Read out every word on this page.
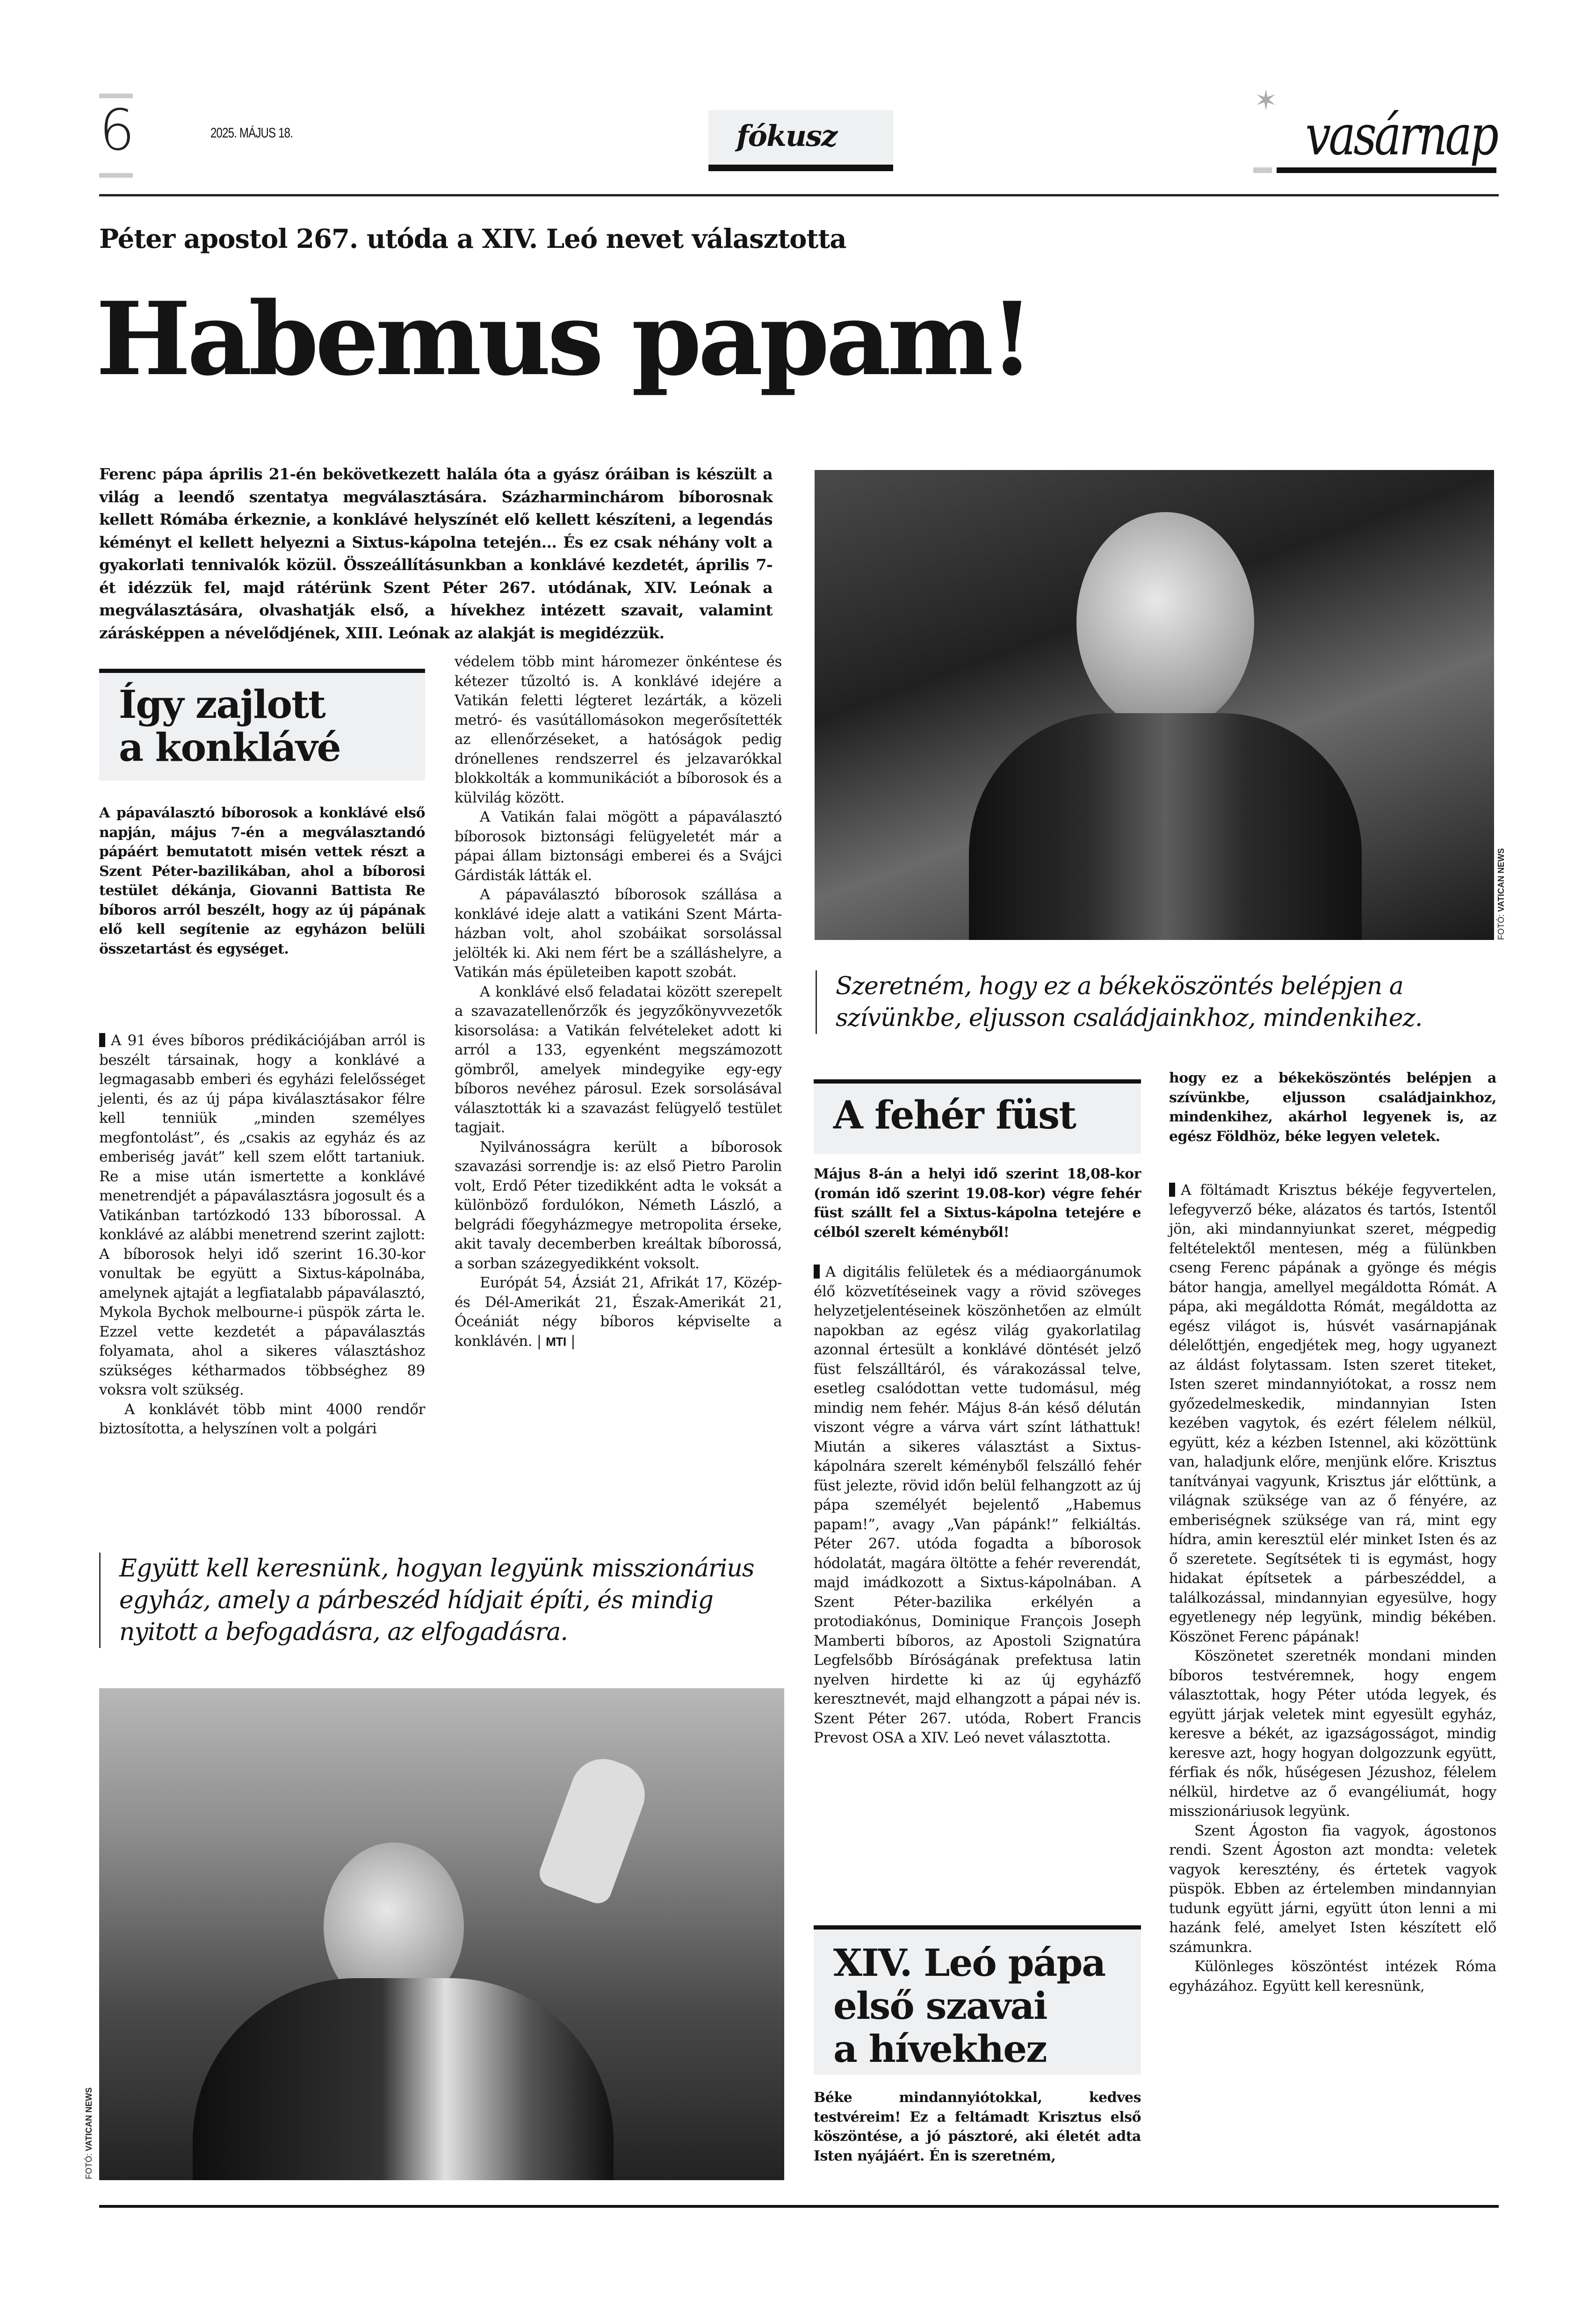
6	2025. MÁJUS 18.	fókusz
✶
vasárnap
Péter apostol 267. utóda a XIV. Leó nevet választotta
Habemus papam!
Ferenc pápa április 21-én bekövetkezett halála óta a gyász óráiban is készült a világ a leendő szentatya megválasztására. Százharminchárom bíborosnak kellett Rómába érkeznie, a konklávé helyszínét elő kellett készíteni, a legendás kéményt el kellett helyezni a Sixtus-kápolna tetején... És ez csak néhány volt a gyakorlati tennivalók közül. Összeállításunkban a konklávé kezdetét, április 7-ét idézzük fel, majd rátérünk Szent Péter 267. utódának, XIV. Leónak a megválasztására, olvashatják első, a hívekhez intézett szavait, valamint zárásképpen a névelődjének, XIII. Leónak az alakját is megidézzük.
FOTÓ: VATICAN NEWS
Szeretném, hogy ez a békeköszöntés belépjen a szívünkbe, eljusson családjainkhoz, mindenkihez.
Így zajlott
a konklávé
A pápaválasztó bíborosok a konklávé első napján, május 7-én a megválasztandó pápáért bemutatott misén vettek részt a Szent Péter-bazilikában, ahol a bíborosi testület dékánja, Giovanni Battista Re bíboros arról beszélt, hogy az új pápának elő kell segítenie az egyházon belüli összetartást és egységet.

A 91 éves bíboros prédikációjában arról is beszélt társainak, hogy a konklávé a legmagasabb emberi és egyházi felelősséget jelenti, és az új pápa kiválasztásakor félre kell tenniük „minden személyes megfontolást”, és „csakis az egyház és az emberiség javát” kell szem előtt tartaniuk. Re a mise után ismertette a konklávé menetrendjét a pápaválasztásra jogosult és a Vatikánban tartózkodó 133 bíborossal. A konklávé az alábbi menetrend szerint zajlott: A bíborosok helyi idő szerint 16.30-kor vonultak be együtt a Sixtus-kápolnába, amelynek ajtaját a legfiatalabb pápaválasztó, Mykola Bychok melbourne-i püspök zárta le. Ezzel vette kezdetét a pápaválasztás folyamata, ahol a sikeres választáshoz szükséges kétharmados többséghez 89 voksra volt szükség.

A konklávét több mint 4000 rendőr biztosította, a helyszínen volt a polgári

védelem több mint háromezer önkéntese és kétezer tűzoltó is. A konklávé idejére a Vatikán feletti légteret lezárták, a közeli metró- és vasútállomásokon megerősítették az ellenőrzéseket, a hatóságok pedig drónellenes rendszerrel és jelzavarókkal blokkolták a kommunikációt a bíborosok és a külvilág között.

A Vatikán falai mögött a pápaválasztó bíborosok biztonsági felügyeletét már a pápai állam biztonsági emberei és a Svájci Gárdisták látták el.

A pápaválasztó bíborosok szállása a konklávé ideje alatt a vatikáni Szent Márta-házban volt, ahol szobáikat sorsolással jelölték ki. Aki nem fért be a szálláshelyre, a Vatikán más épületeiben kapott szobát.

A konklávé első feladatai között szerepelt a szavazatellenőrzők és jegyzőkönyvvezetők kisorsolása: a Vatikán felvételeket adott ki arról a 133, egyenként megszámozott gömbről, amelyek mindegyike egy-egy bíboros nevéhez párosul. Ezek sorsolásával választották ki a szavazást felügyelő testület tagjait.

Nyilvánosságra került a bíborosok szavazási sorrendje is: az első Pietro Parolin volt, Erdő Péter tizedikként adta le voksát a különböző fordulókon, Németh László, a belgrádi főegyházmegye metropolita érseke, akit tavaly decemberben kreáltak bíborossá, a sorban százegyedikként voksolt.

Európát 54, Ázsiát 21, Afrikát 17, Közép- és Dél-Amerikát 21, Észak-Amerikát 21, Óceániát négy bíboros képviselte a konklávén. | MTI |

Együtt kell keresnünk, hogyan legyünk misszionárius egyház, amely a párbeszéd hídjait építi, és mindig nyitott a befogadásra, az elfogadásra.
FOTÓ: VATICAN NEWS
A fehér füst
Május 8-án a helyi idő szerint 18,08-kor (román idő szerint 19.08-kor) végre fehér füst szállt fel a Sixtus-kápolna tetejére e célból szerelt kéményből!

A digitális felületek és a médiaorgánumok élő közvetítéseinek vagy a rövid szöveges helyzetjelentéseinek köszönhetően az elmúlt napokban az egész világ gyakorlatilag azonnal értesült a konklávé döntését jelző füst felszálltáról, és várakozással telve, esetleg csalódottan vette tudomásul, még mindig nem fehér. Május 8-án késő délután viszont végre a várva várt színt láthattuk! Miután a sikeres választást a Sixtus-kápolnára szerelt kéményből felszálló fehér füst jelezte, rövid időn belül felhangzott az új pápa személyét bejelentő „Habemus papam!”, avagy „Van pápánk!” felkiáltás. Péter 267. utóda fogadta a bíborosok hódolatát, magára öltötte a fehér reverendát, majd imádkozott a Sixtus-kápolnában. A Szent Péter-bazilika erkélyén a protodiakónus, Dominique François Joseph Mamberti bíboros, az Apostoli Szignatúra Legfelsőbb Bíróságának prefektusa latin nyelven hirdette ki az új egyházfő keresztnevét, majd elhangzott a pápai név is. Szent Péter 267. utóda, Robert Francis Prevost OSA a XIV. Leó nevet választotta.

XIV. Leó pápa
első szavai
a hívekhez
Béke mindannyiótokkal, kedves testvéreim! Ez a feltámadt Krisztus első köszöntése, a jó pásztoré, aki életét adta Isten nyájáért. Én is szeretném,
hogy ez a békeköszöntés belépjen a szívünkbe, eljusson családjainkhoz, mindenkihez, akárhol legyenek is, az egész Földhöz, béke legyen veletek.

A föltámadt Krisztus békéje fegyvertelen, lefegyverző béke, alázatos és tartós, Istentől jön, aki mindannyiunkat szeret, mégpedig feltételektől mentesen, még a fülünkben cseng Ferenc pápának a gyönge és mégis bátor hangja, amellyel megáldotta Rómát. A pápa, aki megáldotta Rómát, megáldotta az egész világot is, húsvét vasárnapjának délelőttjén, engedjétek meg, hogy ugyanezt az áldást folytassam. Isten szeret titeket, Isten szeret mindannyiótokat, a rossz nem győzedelmeskedik, mindannyian Isten kezében vagytok, és ezért félelem nélkül, együtt, kéz a kézben Istennel, aki közöttünk van, haladjunk előre, menjünk előre. Krisztus tanítványai vagyunk, Krisztus jár előttünk, a világnak szüksége van az ő fényére, az emberiségnek szüksége van rá, mint egy hídra, amin keresztül elér minket Isten és az ő szeretete. Segítsétek ti is egymást, hogy hidakat építsetek a párbeszéddel, a találkozással, mindannyian egyesülve, hogy egyetlenegy nép legyünk, mindig békében. Köszönet Ferenc pápának!

Köszönetet szeretnék mondani minden bíboros testvéremnek, hogy engem választottak, hogy Péter utóda legyek, és együtt járjak veletek mint egyesült egyház, keresve a békét, az igazságosságot, mindig keresve azt, hogy hogyan dolgozzunk együtt, férfiak és nők, hűségesen Jézushoz, félelem nélkül, hirdetve az ő evangéliumát, hogy misszionáriusok legyünk.

Szent Ágoston fia vagyok, ágostonos rendi. Szent Ágoston azt mondta: veletek vagyok keresztény, és értetek vagyok püspök. Ebben az értelemben mindannyian tudunk együtt járni, együtt úton lenni a mi hazánk felé, amelyet Isten készített elő számunkra.

Különleges köszöntést intézek Róma egyházához. Együtt kell keresnünk,
